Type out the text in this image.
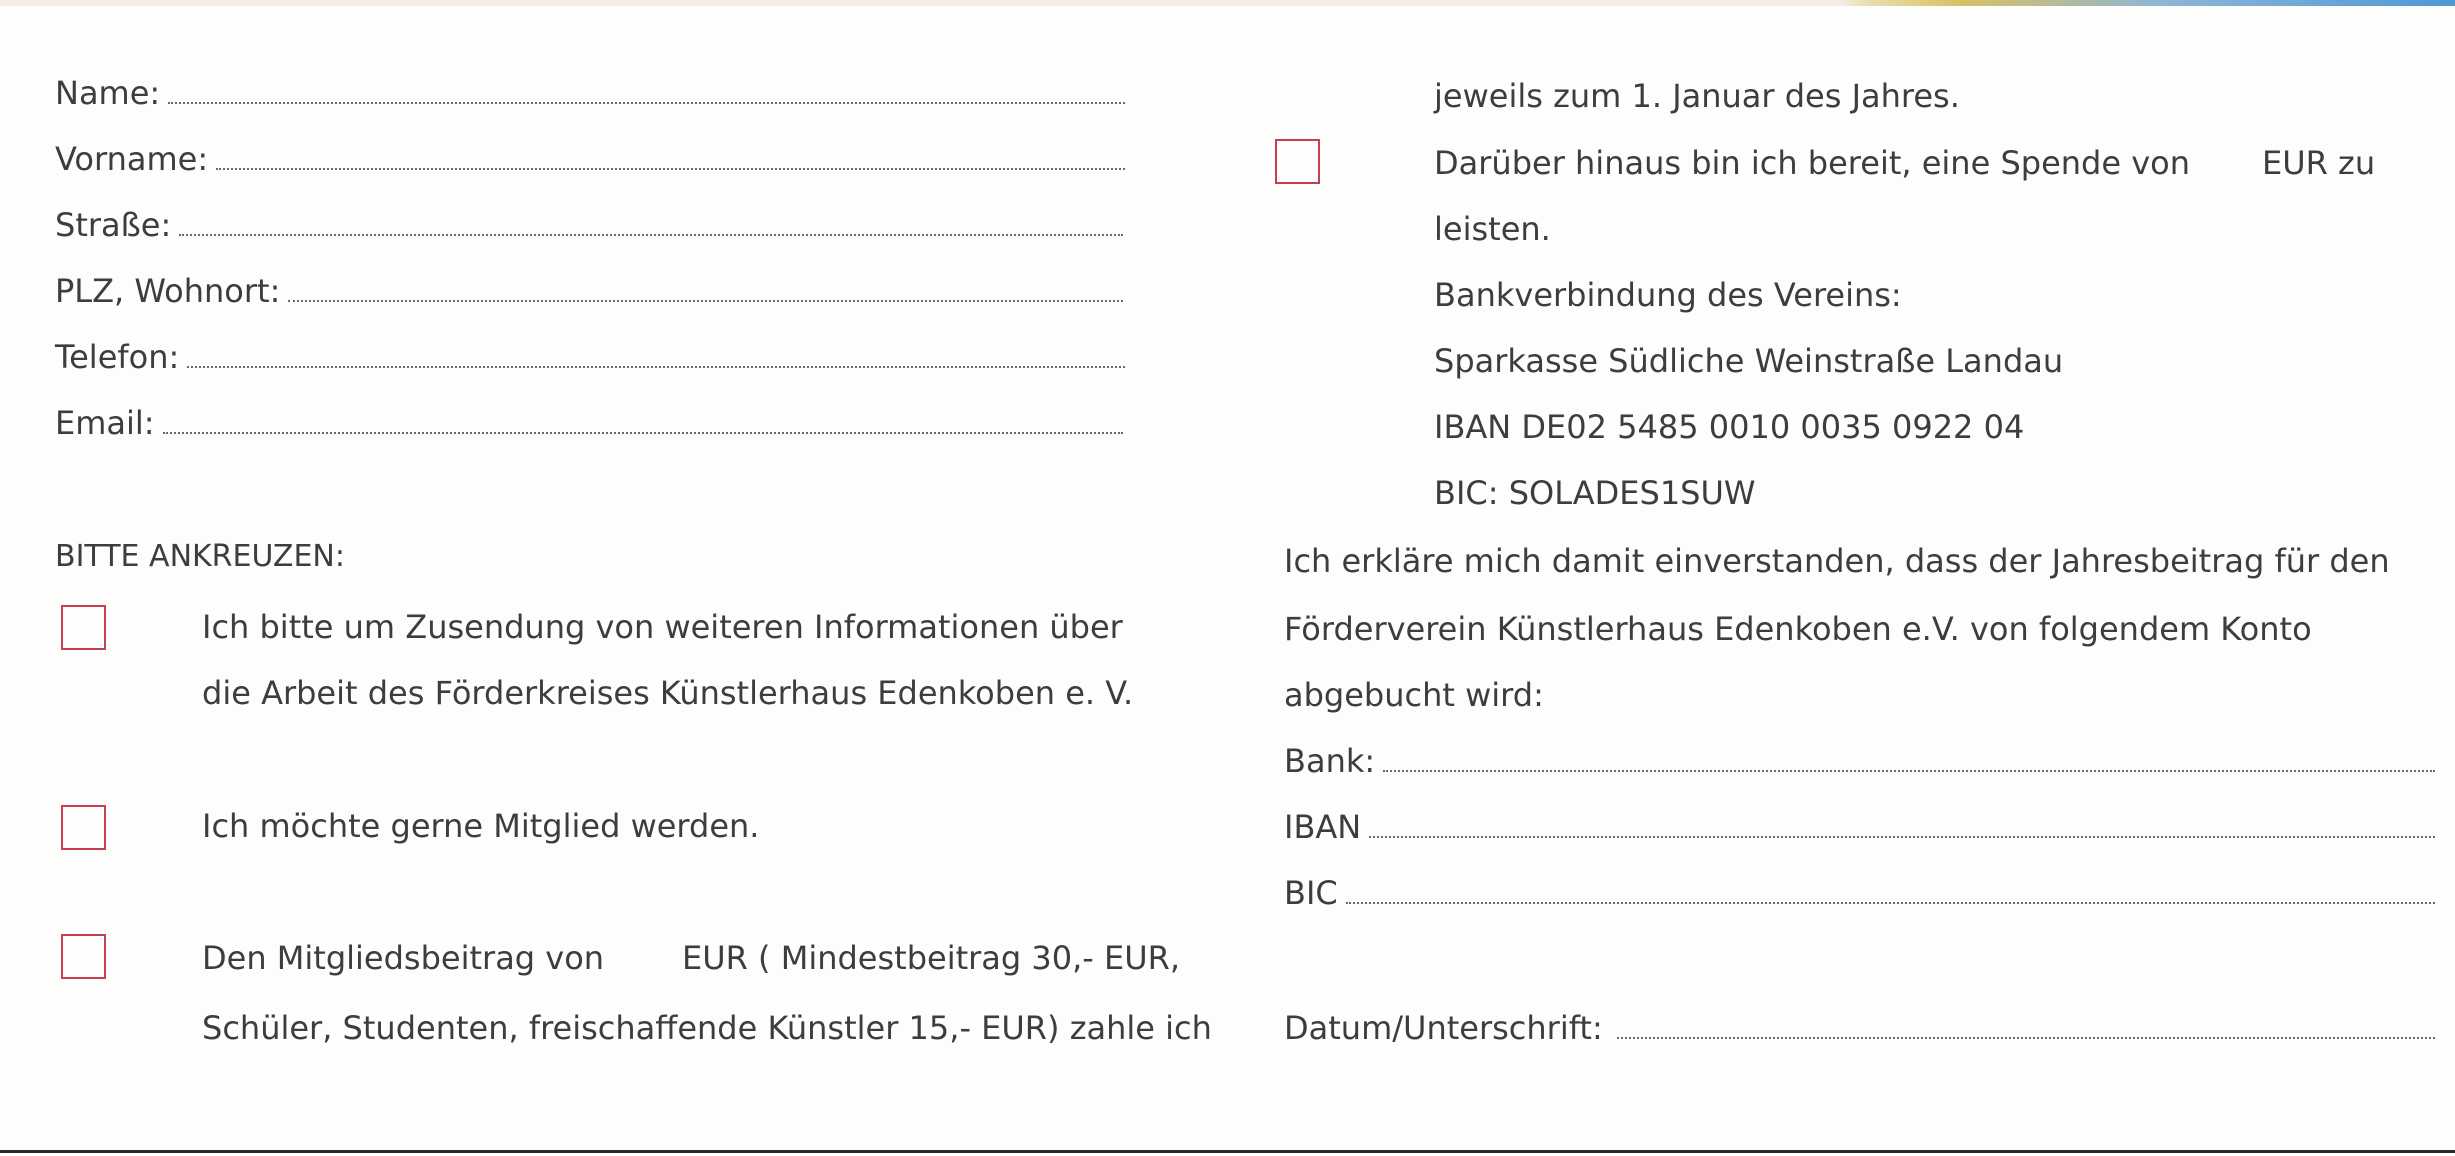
Name:
Vorname:
Straße:
PLZ, Wohnort:
Telefon:
Email:
BITTE ANKREUZEN:
Ich bitte um Zusendung von weiteren Informationen über
die Arbeit des Förderkreises Künstlerhaus Edenkoben e. V.
Ich möchte gerne Mitglied werden.
Den Mitgliedsbeitrag von EUR ( Mindestbeitrag 30,- EUR,
Schüler, Studenten, freischaffende Künstler 15,- EUR) zahle ich
jeweils zum 1. Januar des Jahres.
Darüber hinaus bin ich bereit, eine Spende von EUR zu
leisten.
Bankverbindung des Vereins:
Sparkasse Südliche Weinstraße Landau
IBAN DE02 5485 0010 0035 0922 04
BIC: SOLADES1SUW
Ich erkläre mich damit einverstanden, dass der Jahresbeitrag für den
Förderverein Künstlerhaus Edenkoben e.V. von folgendem Konto
abgebucht wird:
Bank:
IBAN
BIC
Datum/Unterschrift:
